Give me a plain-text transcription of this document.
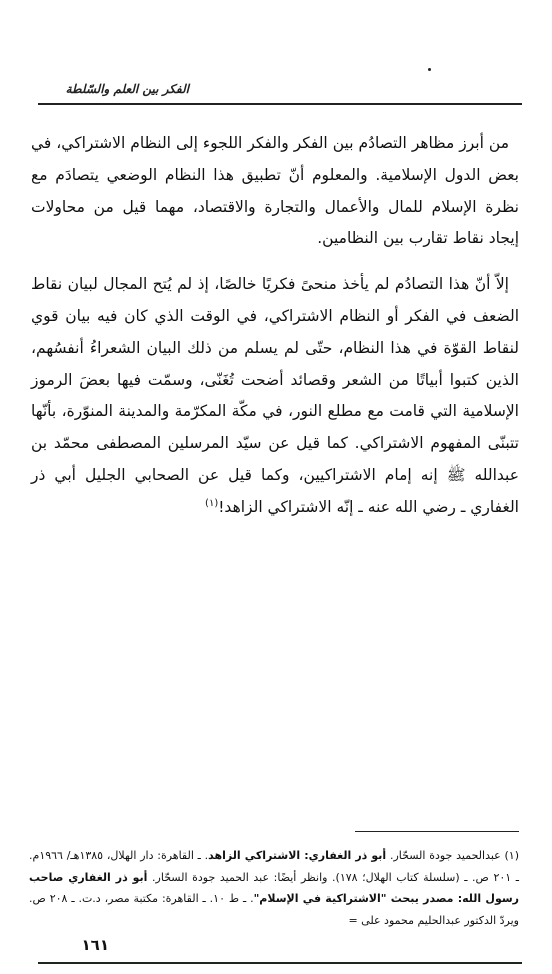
الفكر بين العلم والسّلطة

من أبرز مظاهر التصادُم بين الفكر والفكر اللجوء إلى النظام الاشتراكي، في بعض الدول الإسلامية. والمعلوم أنّ تطبيق هذا النظام الوضعي يتصادَم مع نظرة الإسلام للمال والأعمال والتجارة والاقتصاد، مهما قيل من محاولات إيجاد نقاط تقارب بين النظامين.

إلاّ أنّ هذا التصادُم لم يأخذ منحىً فكريًا خالصًا، إذ لم يُتح المجال لبيان نقاط الضعف في الفكر أو النظام الاشتراكي، في الوقت الذي كان فيه بيان قوي لنقاط القوّة في هذا النظام، حتّى لم يسلم من ذلك البيان الشعراءُ أنفسُهم، الذين كتبوا أبياتًا من الشعر وقصائد أضحت تُغَنّى، وسمّت فيها بعضَ الرموز الإسلامية التي قامت مع مطلع النور، في مكّة المكرّمة والمدينة المنوّرة، بأنّها تتبنّى المفهوم الاشتراكي. كما قيل عن سيّد المرسلين المصطفى محمّد بن عبدالله ﷺ إنه إمام الاشتراكيين، وكما قيل عن الصحابي الجليل أبي ذر الغفاري ـ رضي الله عنه ـ إنّه الاشتراكي الزاهد!$^{(١)}$

(١) عبدالحميد جودة السحّار. أبو ذر الغفاري: الاشتراكي الزاهد. ـ القاهرة: دار الهلال، ١٣٨٥هـ/ ١٩٦٦م. ـ ٢٠١ ص. ـ (سلسلة كتاب الهلال؛ ١٧٨). وانظر أيضًا: عبد الحميد جودة السحّار. أبو ذر الغفاري صاحب رسول الله: مصدر يبحث "الاشتراكية في الإسلام". ـ ط ١٠. ـ القاهرة: مكتبة مصر، د.ت. ـ ٢٠٨ ص. ويردّ الدكتور عبدالحليم محمود على =
١٦١
